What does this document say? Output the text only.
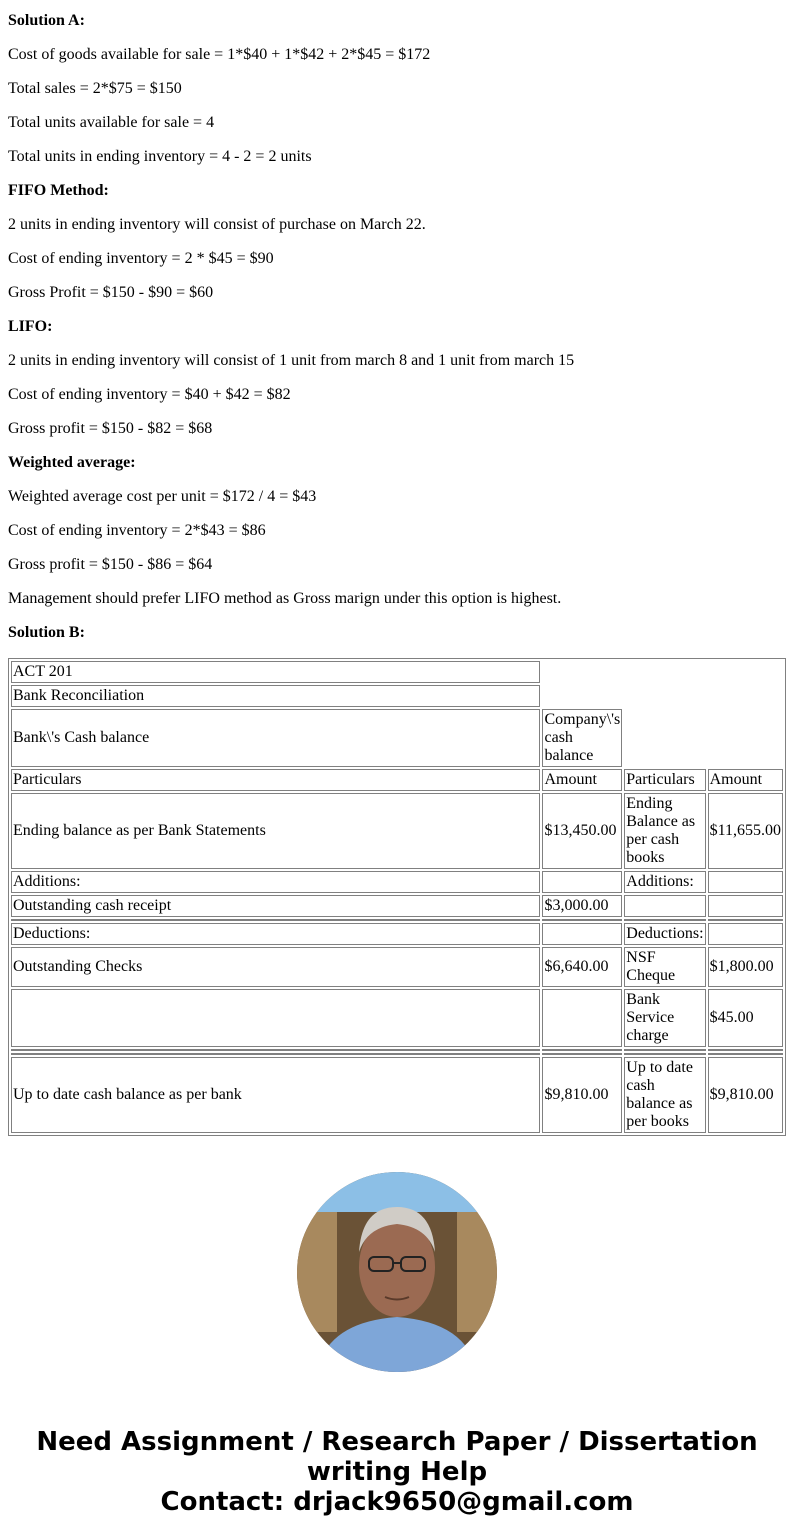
Solution A:

Cost of goods available for sale = 1*$40 + 1*$42 + 2*$45 = $172

Total sales = 2*$75 = $150

Total units available for sale = 4

Total units in ending inventory = 4 - 2 = 2 units

FIFO Method:

2 units in ending inventory will consist of purchase on March 22.

Cost of ending inventory = 2 * $45 = $90

Gross Profit = $150 - $90 = $60

LIFO:

2 units in ending inventory will consist of 1 unit from march 8 and 1 unit from march 15

Cost of ending inventory = $40 + $42 = $82

Gross profit = $150 - $82 = $68

Weighted average:

Weighted average cost per unit = $172 / 4 = $43

Cost of ending inventory = 2*$43 = $86

Gross profit = $150 - $86 = $64

Management should prefer LIFO method as Gross marign under this option is highest.

Solution B:

ACT 201			
Bank Reconciliation			
Bank\'s Cash balance	Company\'s cash balance		
Particulars	Amount	Particulars	Amount
Ending balance as per Bank Statements	$13,450.00	Ending Balance as per cash books	$11,655.00
Additions:		Additions:	
Outstanding cash receipt	$3,000.00		

Deductions:		Deductions:	
Outstanding Checks	$6,640.00	NSF Cheque	$1,800.00
		Bank Service charge	$45.00

Up to date cash balance as per bank	$9,810.00	Up to date cash balance as per books	$9,810.00
Need Assignment / Research Paper / Dissertation writing Help
Contact: drjack9650@gmail.com
